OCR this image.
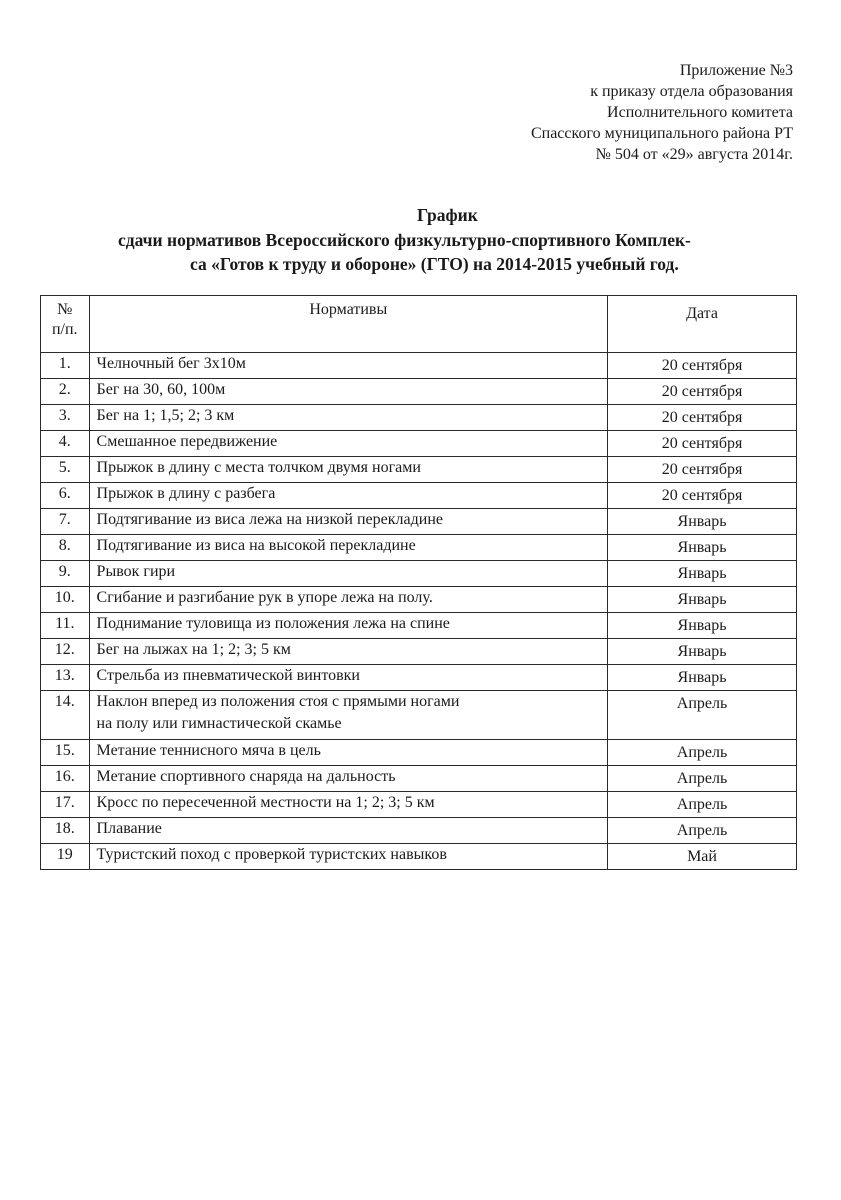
Приложение №3
к приказу отдела образования
Исполнительного комитета
Спасского муниципального района РТ
№ 504 от «29» августа 2014г.
График
сдачи нормативов Всероссийского физкультурно-спортивного Комплек-
са «Готов к труду и обороне» (ГТО) на 2014-2015 учебный год.
№
п/п.	Нормативы	Дата
1.	Челночный бег 3х10м	20 сентября
2.	Бег на 30, 60, 100м	20 сентября
3.	Бег на 1; 1,5; 2; 3 км	20 сентября
4.	Смешанное передвижение	20 сентября
5.	Прыжок в длину с места толчком двумя ногами	20 сентября
6.	Прыжок в длину с разбега	20 сентября
7.	Подтягивание из виса лежа на низкой перекладине	Январь
8.	Подтягивание из виса на высокой перекладине	Январь
9.	Рывок гири	Январь
10.	Сгибание и разгибание рук в упоре лежа на полу.	Январь
11.	Поднимание туловища из положения лежа на спине	Январь
12.	Бег на лыжах на 1; 2; 3; 5 км	Январь
13.	Стрельба из пневматической винтовки	Январь
14.	Наклон вперед из положения стоя с прямыми ногами
на полу или гимнастической скамье	Апрель
15.	Метание теннисного мяча в цель	Апрель
16.	Метание спортивного снаряда на дальность	Апрель
17.	Кросс по пересеченной местности на 1; 2; 3; 5 км	Апрель
18.	Плавание	Апрель
19	Туристский поход с проверкой туристских навыков	Май
